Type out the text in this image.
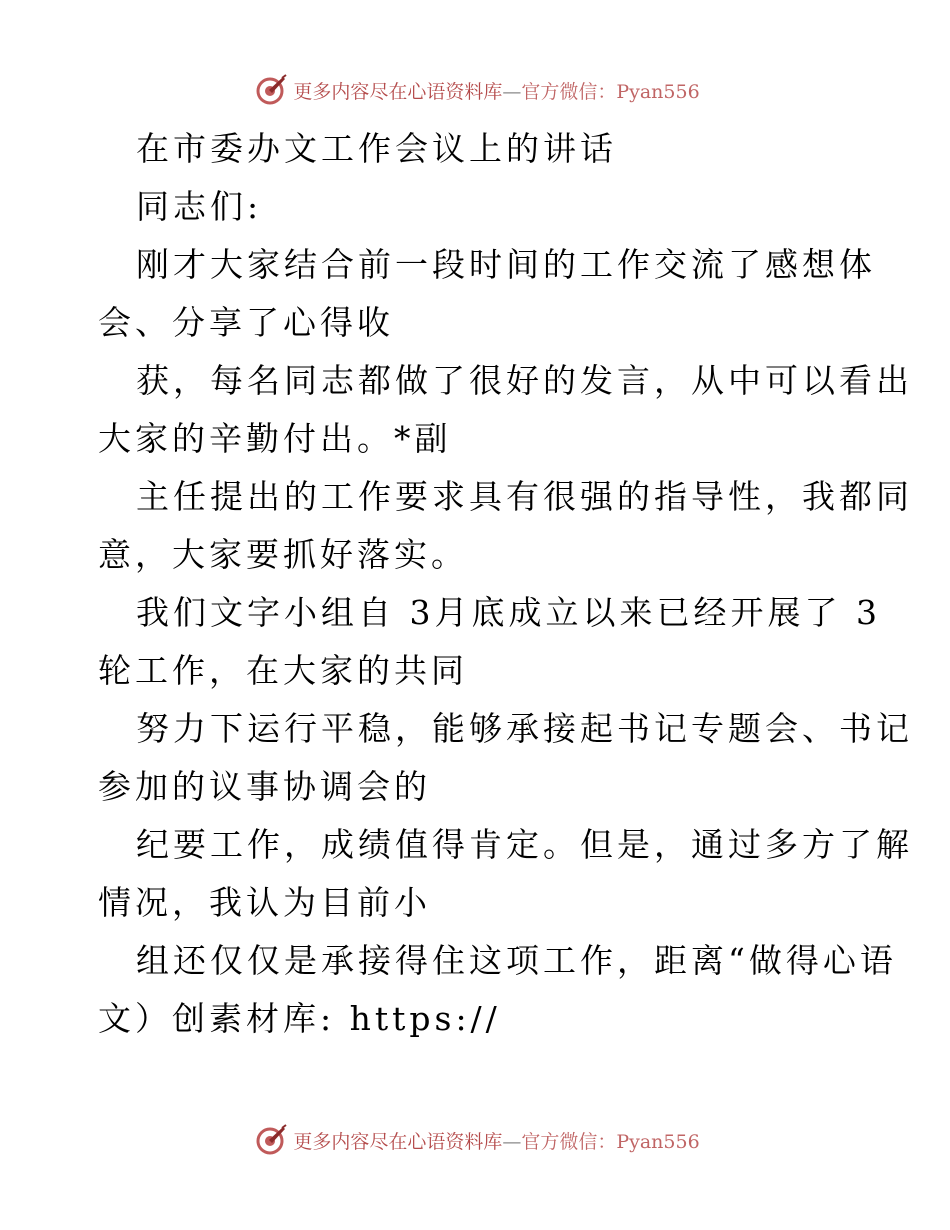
更多内容尽在心语资料库—官方微信：Pyan556

在市委办文工作会议上的讲话

同志们:

刚才大家结合前一段时间的工作交流了感想体

会、分享了心得收

获，每名同志都做了很好的发言，从中可以看出

大家的辛勤付出。*副

主任提出的工作要求具有很强的指导性，我都同

意，大家要抓好落实。

我们文字小组自 3月底成立以来已经开展了 3

轮工作，在大家的共同

努力下运行平稳，能够承接起书记专题会、书记

参加的议事协调会的

纪要工作，成绩值得肯定。但是，通过多方了解

情况，我认为目前小

组还仅仅是承接得住这项工作，距离“做得心语

文）创素材库: https://

更多内容尽在心语资料库—官方微信：Pyan556
